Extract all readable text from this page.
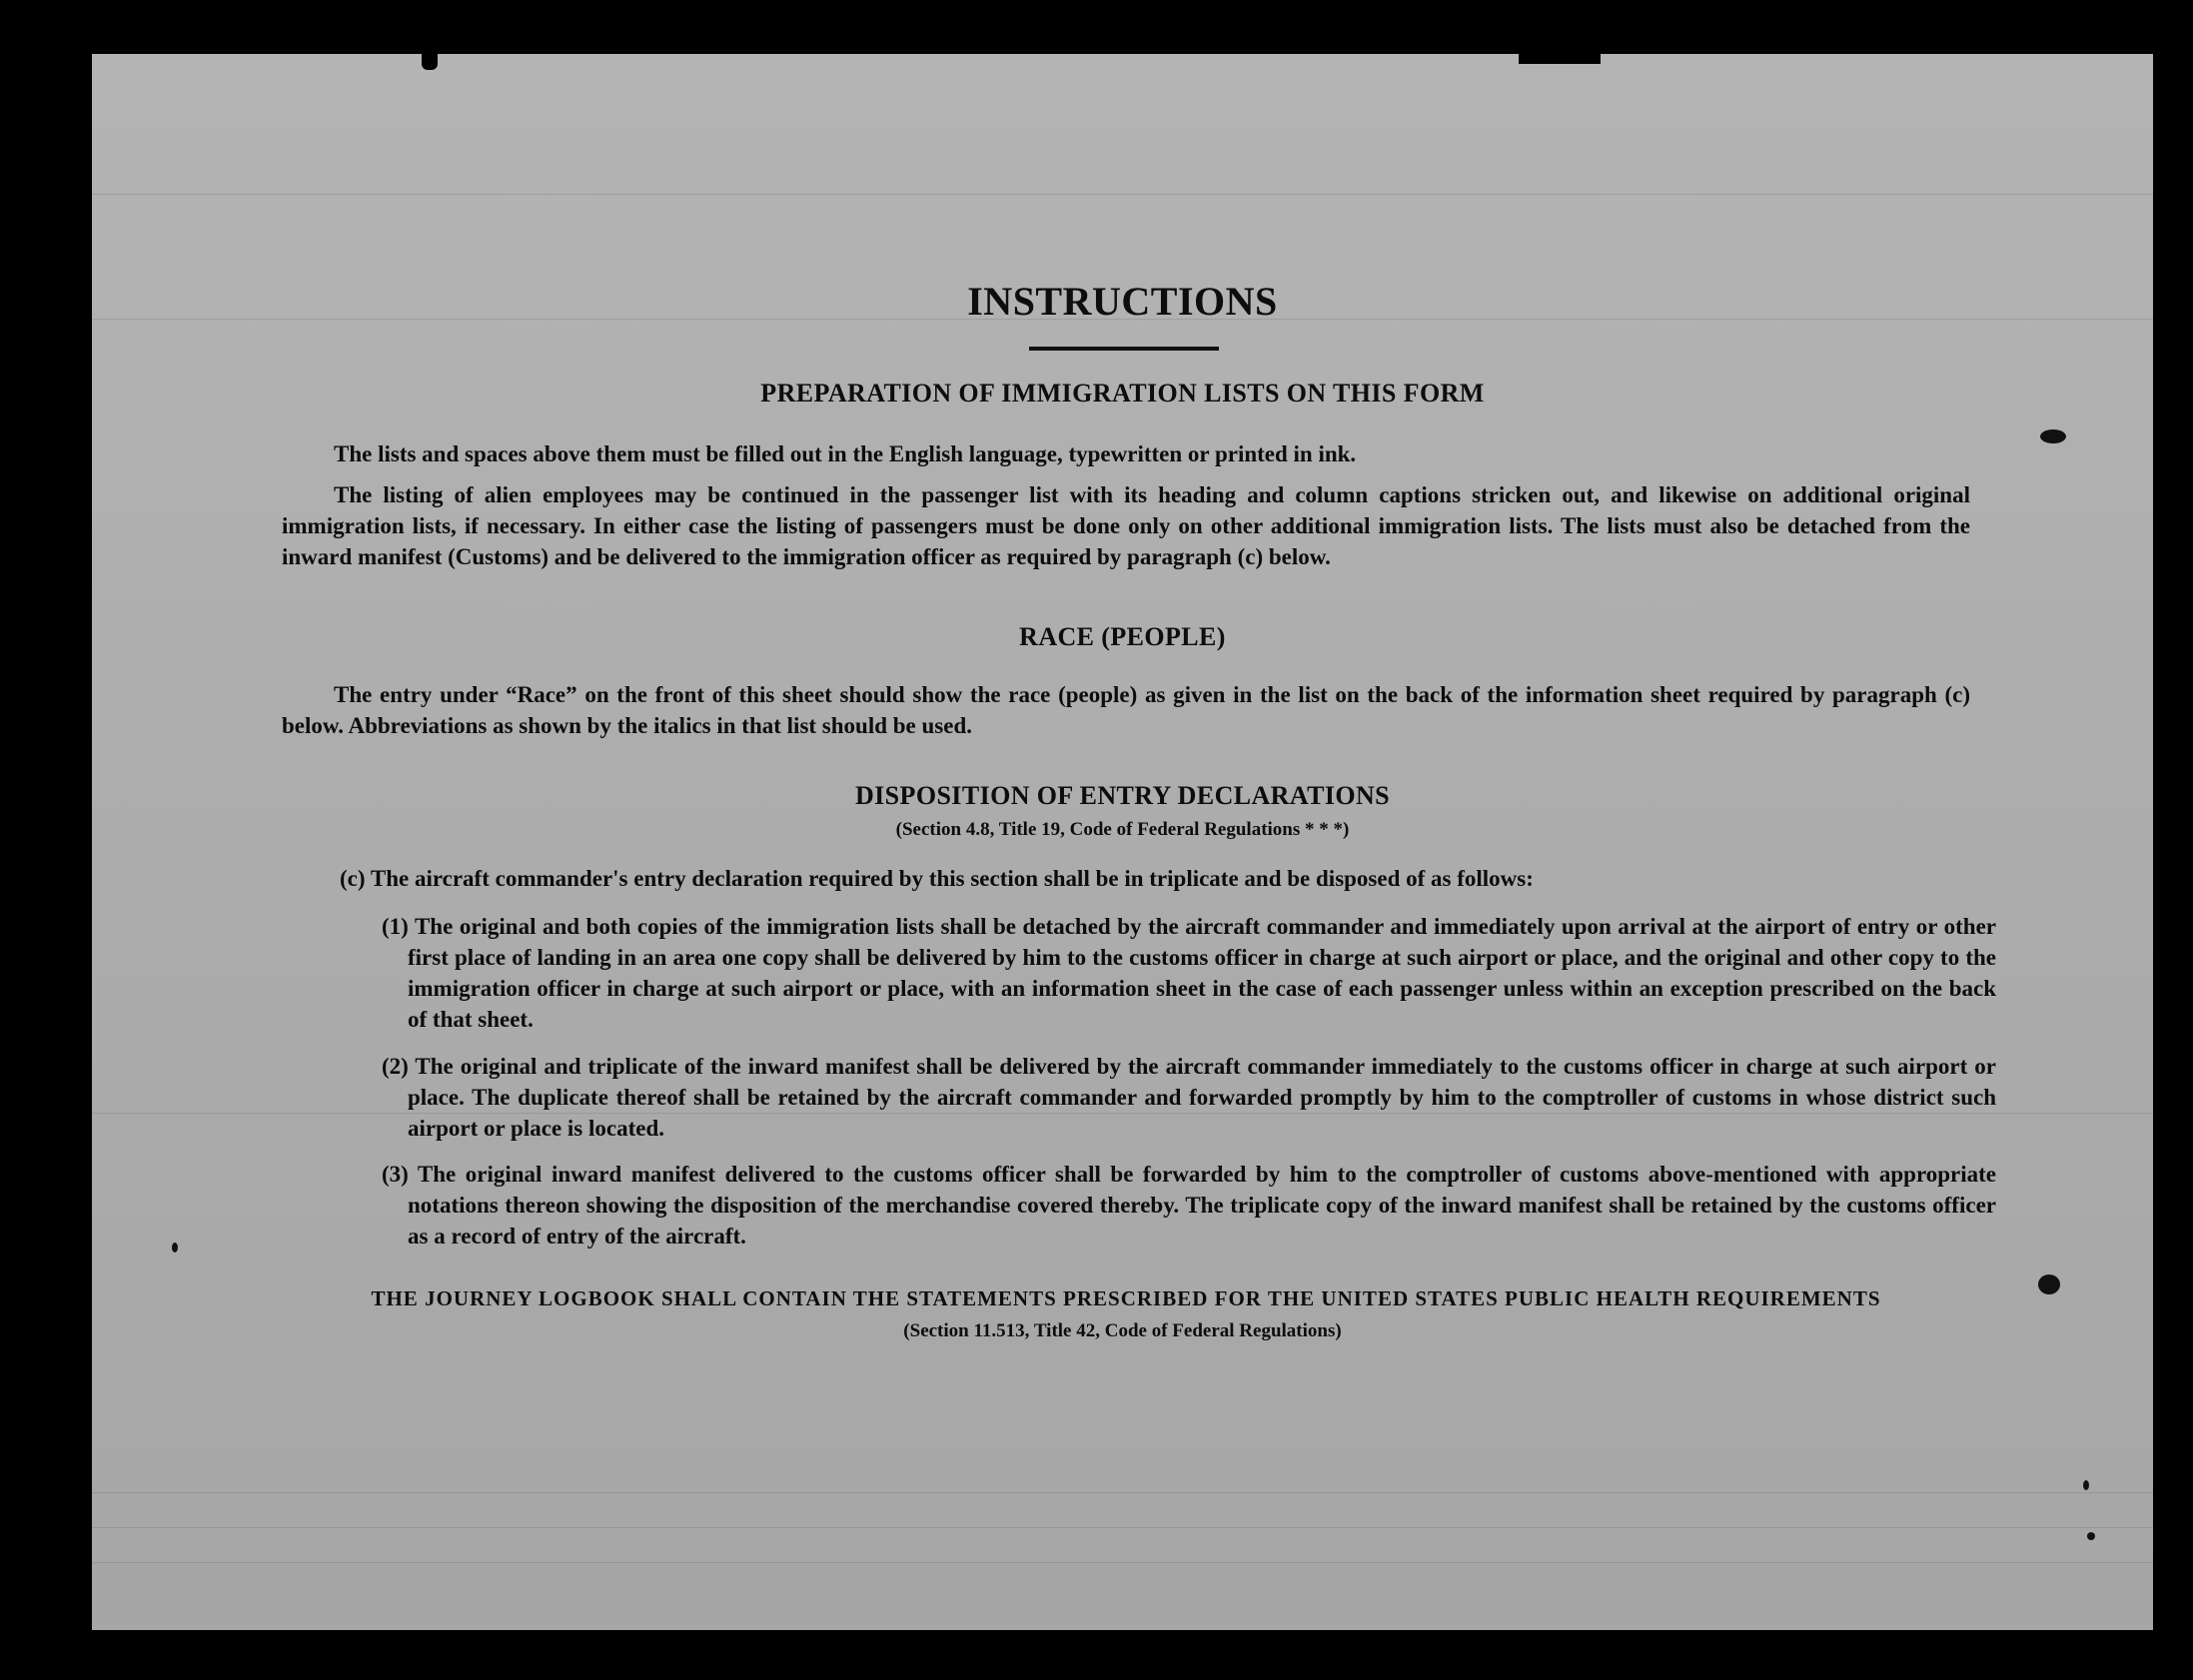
INSTRUCTIONS
PREPARATION OF IMMIGRATION LISTS ON THIS FORM
The lists and spaces above them must be filled out in the English language, typewritten or printed in ink.
The listing of alien employees may be continued in the passenger list with its heading and column captions stricken out, and likewise on additional original immigration lists, if necessary. In either case the listing of passengers must be done only on other additional immigration lists. The lists must also be detached from the inward manifest (Customs) and be delivered to the immigration officer as required by paragraph (c) below.
RACE (PEOPLE)
The entry under “Race” on the front of this sheet should show the race (people) as given in the list on the back of the information sheet required by paragraph (c) below. Abbreviations as shown by the italics in that list should be used.
DISPOSITION OF ENTRY DECLARATIONS
(Section 4.8, Title 19, Code of Federal Regulations * * *)
(c) The aircraft commander's entry declaration required by this section shall be in triplicate and be disposed of as follows:
(1) The original and both copies of the immigration lists shall be detached by the aircraft commander and immediately upon arrival at the airport of entry or other first place of landing in an area one copy shall be delivered by him to the customs officer in charge at such airport or place, and the original and other copy to the immigration officer in charge at such airport or place, with an information sheet in the case of each passenger unless within an exception prescribed on the back of that sheet.
(2) The original and triplicate of the inward manifest shall be delivered by the aircraft commander immediately to the customs officer in charge at such airport or place. The duplicate thereof shall be retained by the aircraft commander and forwarded promptly by him to the comptroller of customs in whose district such airport or place is located.
(3) The original inward manifest delivered to the customs officer shall be forwarded by him to the comptroller of customs above-mentioned with appropriate notations thereon showing the disposition of the merchandise covered thereby. The triplicate copy of the inward manifest shall be retained by the customs officer as a record of entry of the aircraft.
THE JOURNEY LOGBOOK SHALL CONTAIN THE STATEMENTS PRESCRIBED FOR THE UNITED STATES PUBLIC HEALTH REQUIREMENTS
(Section 11.513, Title 42, Code of Federal Regulations)
